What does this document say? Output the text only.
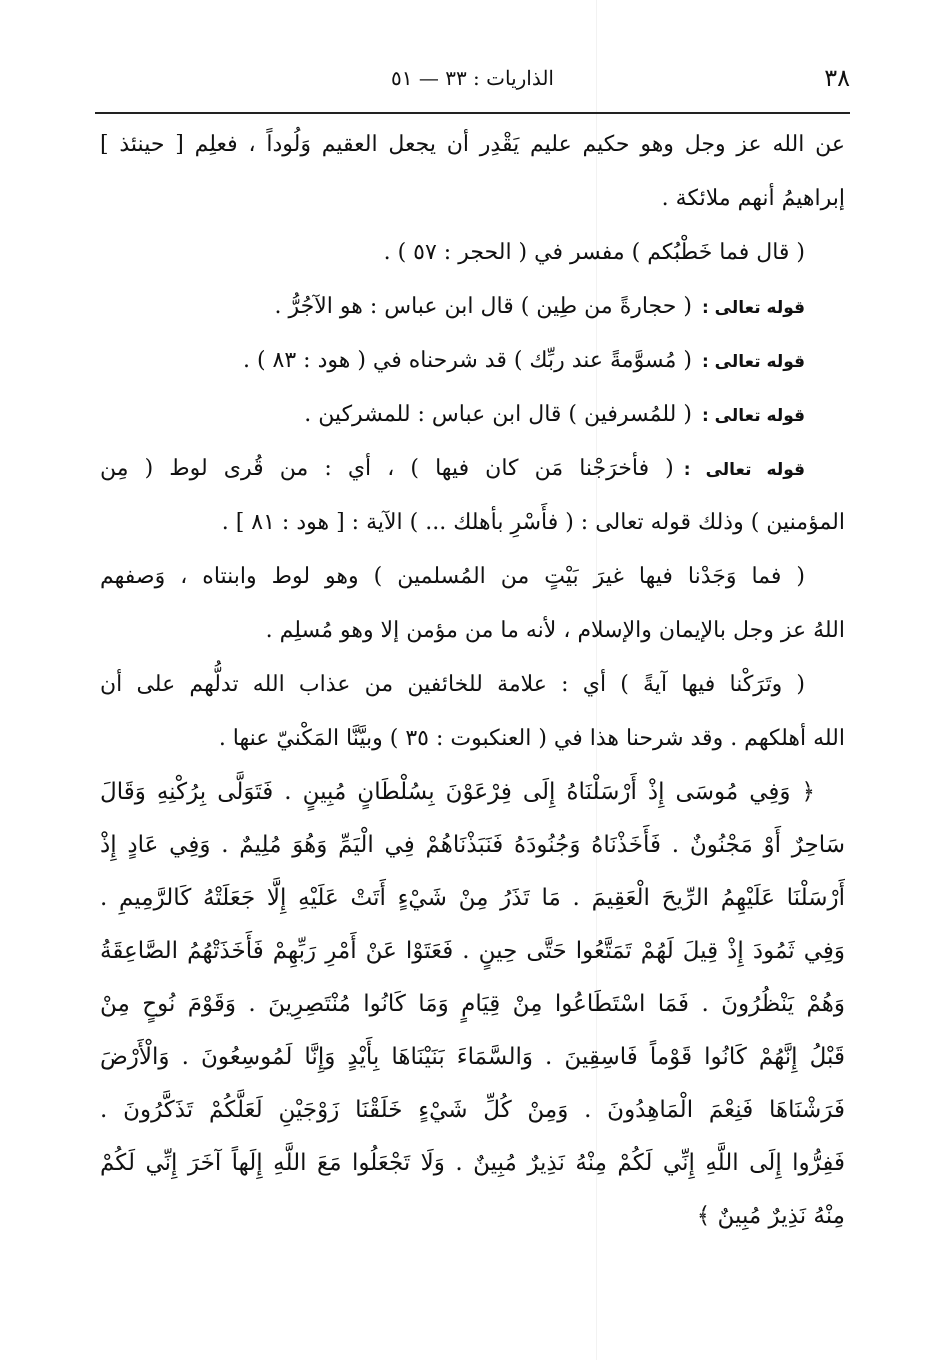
٣٨
الذاريات : ٣٣ — ٥١
عن الله عز وجل وهو حكيم عليم يَقْدِر أن يجعل العقيم وَلُوداً ، فعلِم [ حينئذ ]
إبراهيمُ أنهم ملائكة .
( قال فما خَطْبُكم ) مفسر في ( الحجر : ٥٧ ) .
قوله تعالى :( حجارةً من طِين ) قال ابن عباس : هو الآجُرُّ .
قوله تعالى :( مُسوَّمةً عند ربِّك ) قد شرحناه في ( هود : ٨٣ ) .
قوله تعالى :( للمُسرفين ) قال ابن عباس : للمشركين .
قوله تعالى :( فأخرَجْنا مَن كان فيها ) ، أي : من قُرى لوط ( مِن
المؤمنين ) وذلك قوله تعالى : ( فأَسْرِ بأهلك ... ) الآية : [ هود : ٨١ ] .
( فما وَجَدْنا فيها غيرَ بَيْتٍ من المُسلمين ) وهو لوط وابنتاه ، وَصفهم
اللهُ عز وجل بالإيمان والإسلام ، لأنه ما من مؤمن إلا وهو مُسلِم .
( وتَرَكْنا فيها آيةً ) أي : علامة للخائفين من عذاب الله تدلُّهم على أن
الله أهلكهم . وقد شرحنا هذا في ( العنكبوت : ٣٥ ) وبيَّنَّا المَكْنيّ عنها .
﴿ وَفِي مُوسَى إِذْ أَرْسَلْنَاهُ إِلَى فِرْعَوْنَ بِسُلْطَانٍ مُبِينٍ . فَتَوَلَّى بِرُكْنِهِ وَقَالَ
سَاحِرٌ أَوْ مَجْنُونٌ . فَأَخَذْنَاهُ وَجُنُودَهُ فَنَبَذْنَاهُمْ فِي الْيَمِّ وَهُوَ مُلِيمٌ . وَفِي عَادٍ إِذْ
أَرْسَلْنَا عَلَيْهِمُ الرِّيحَ الْعَقِيمَ . مَا تَذَرُ مِنْ شَيْءٍ أَتَتْ عَلَيْهِ إِلَّا جَعَلَتْهُ كَالرَّمِيمِ .
وَفِي ثَمُودَ إِذْ قِيلَ لَهُمْ تَمَتَّعُوا حَتَّى حِينٍ . فَعَتَوْا عَنْ أَمْرِ رَبِّهِمْ فَأَخَذَتْهُمُ الصَّاعِقَةُ
وَهُمْ يَنْظُرُونَ . فَمَا اسْتَطَاعُوا مِنْ قِيَامٍ وَمَا كَانُوا مُنْتَصِرِينَ . وَقَوْمَ نُوحٍ مِنْ
قَبْلُ إِنَّهُمْ كَانُوا قَوْماً فَاسِقِينَ . وَالسَّمَاءَ بَنَيْنَاهَا بِأَيْدٍ وَإِنَّا لَمُوسِعُونَ . وَالْأَرْضَ
فَرَشْنَاهَا فَنِعْمَ الْمَاهِدُونَ . وَمِنْ كُلِّ شَيْءٍ خَلَقْنَا زَوْجَيْنِ لَعَلَّكُمْ تَذَكَّرُونَ .
فَفِرُّوا إِلَى اللَّهِ إِنِّي لَكُمْ مِنْهُ نَذِيرٌ مُبِينٌ . وَلَا تَجْعَلُوا مَعَ اللَّهِ إِلَهاً آخَرَ إِنِّي لَكُمْ
مِنْهُ نَذِيرٌ مُبِينٌ ﴾
